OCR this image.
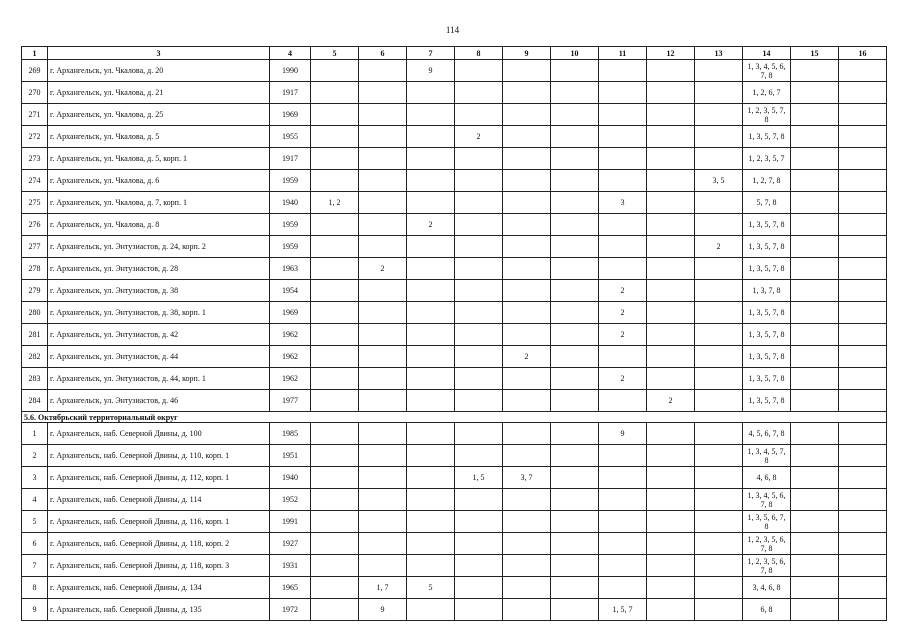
114
1	3	4	5	6	7	8	9	10	11	12	13	14	15	16
269	г. Архангельск, ул. Чкалова, д. 20	1990			9							1, 3, 4, 5, 6, 7, 8		
270	г. Архангельск, ул. Чкалова, д. 21	1917										1, 2, 6, 7		
271	г. Архангельск, ул. Чкалова, д. 25	1969										1, 2, 3, 5, 7, 8		
272	г. Архангельск, ул. Чкалова, д. 5	1955				2						1, 3, 5, 7, 8		
273	г. Архангельск, ул. Чкалова, д. 5, корп. 1	1917										1, 2, 3, 5, 7		
274	г. Архангельск, ул. Чкалова, д. 6	1959									3, 5	1, 2, 7, 8		
275	г. Архангельск, ул. Чкалова, д. 7, корп. 1	1940	1, 2						3			5, 7, 8		
276	г. Архангельск, ул. Чкалова, д. 8	1959			2							1, 3, 5, 7, 8		
277	г. Архангельск, ул. Энтузиастов, д. 24, корп. 2	1959									2	1, 3, 5, 7, 8		
278	г. Архангельск, ул. Энтузиастов, д. 28	1963		2								1, 3, 5, 7, 8		
279	г. Архангельск, ул. Энтузиастов, д. 38	1954							2			1, 3, 7, 8		
280	г. Архангельск, ул. Энтузиастов, д. 38, корп. 1	1969							2			1, 3, 5, 7, 8		
281	г. Архангельск, ул. Энтузиастов, д. 42	1962							2			1, 3, 5, 7, 8		
282	г. Архангельск, ул. Энтузиастов, д. 44	1962					2					1, 3, 5, 7, 8		
283	г. Архангельск, ул. Энтузиастов, д. 44, корп. 1	1962							2			1, 3, 5, 7, 8		
284	г. Архангельск, ул. Энтузиастов, д. 46	1977								2		1, 3, 5, 7, 8		
5.6. Октябрьский территориальный округ														
1	г. Архангельск, наб. Северной Двины, д. 100	1985							9			4, 5, 6, 7, 8		
2	г. Архангельск, наб. Северной Двины, д. 110, корп. 1	1951										1, 3, 4, 5, 7, 8		
3	г. Архангельск, наб. Северной Двины, д. 112, корп. 1	1940				1, 5	3, 7					4, 6, 8		
4	г. Архангельск, наб. Северной Двины, д. 114	1952										1, 3, 4, 5, 6, 7, 8		
5	г. Архангельск, наб. Северной Двины, д. 116, корп. 1	1991										1, 3, 5, 6, 7, 8		
6	г. Архангельск, наб. Северной Двины, д. 118, корп. 2	1927										1, 2, 3, 5, 6, 7, 8		
7	г. Архангельск, наб. Северной Двины, д. 118, корп. 3	1931										1, 2, 3, 5, 6, 7, 8		
8	г. Архангельск, наб. Северной Двины, д. 134	1965		1, 7	5							3, 4, 6, 8		
9	г. Архангельск, наб. Северной Двины, д. 135	1972		9					1, 5, 7			6, 8		
